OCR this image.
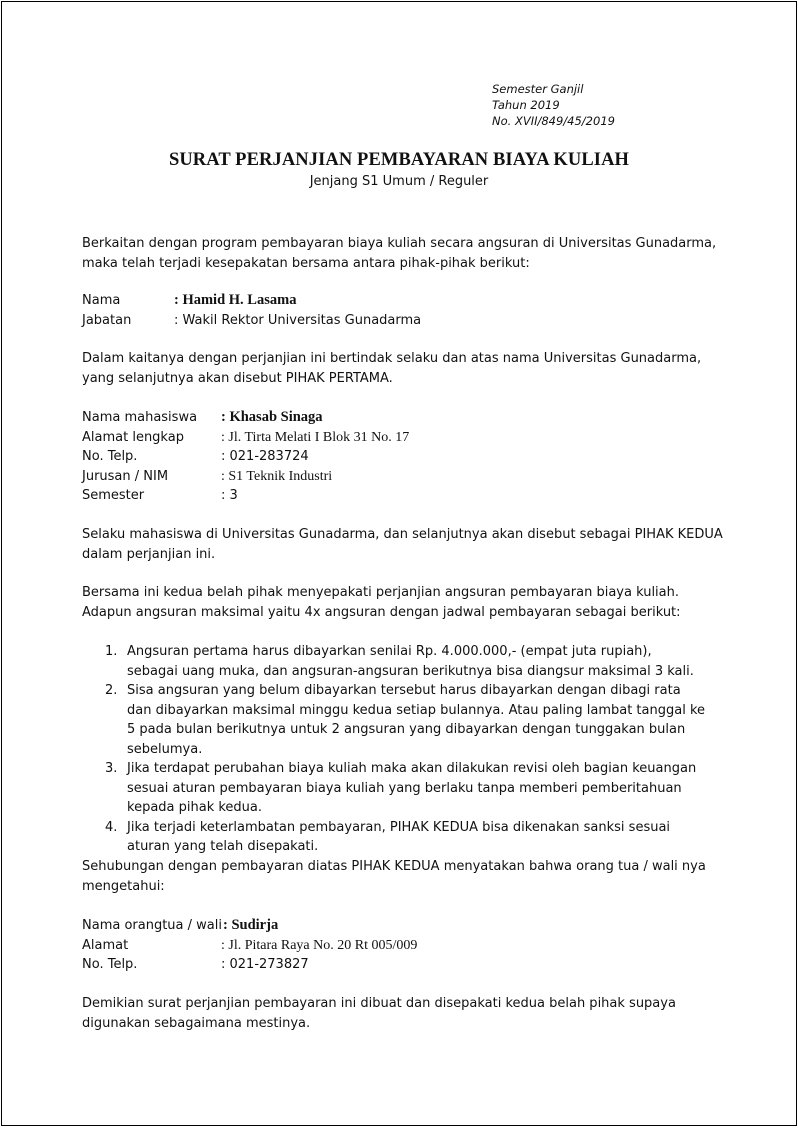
Semester Ganjil
Tahun 2019
No. XVII/849/45/2019
SURAT PERJANJIAN PEMBAYARAN BIAYA KULIAH
Jenjang S1 Umum / Reguler
Berkaitan dengan program pembayaran biaya kuliah secara angsuran di Universitas Gunadarma, maka telah terjadi kesepakatan bersama antara pihak-pihak berikut:
Nama	: Hamid H. Lasama
Jabatan	: Wakil Rektor Universitas Gunadarma
Dalam kaitanya dengan perjanjian ini bertindak selaku dan atas nama Universitas Gunadarma, yang selanjutnya akan disebut PIHAK PERTAMA.
Nama mahasiswa : Khasab Sinaga
Alamat lengkap	: Jl. Tirta Melati I Blok 31 No. 17
No. Telp.	: 021-283724
Jurusan / NIM	: S1 Teknik Industri
Semester	: 3
Selaku mahasiswa di Universitas Gunadarma, dan selanjutnya akan disebut sebagai PIHAK KEDUA dalam perjanjian ini.
Bersama ini kedua belah pihak menyepakati perjanjian angsuran pembayaran biaya kuliah. Adapun angsuran maksimal yaitu 4x angsuran dengan jadwal pembayaran sebagai berikut:
1. Angsuran pertama harus dibayarkan senilai Rp. 4.000.000,- (empat juta rupiah), sebagai uang muka, dan angsuran-angsuran berikutnya bisa diangsur maksimal 3 kali.
2. Sisa angsuran yang belum dibayarkan tersebut harus dibayarkan dengan dibagi rata dan dibayarkan maksimal minggu kedua setiap bulannya. Atau paling lambat tanggal ke 5 pada bulan berikutnya untuk 2 angsuran yang dibayarkan dengan tunggakan bulan sebelumya.
3. Jika terdapat perubahan biaya kuliah maka akan dilakukan revisi oleh bagian keuangan sesuai aturan pembayaran biaya kuliah yang berlaku tanpa memberi pemberitahuan kepada pihak kedua.
4. Jika terjadi keterlambatan pembayaran, PIHAK KEDUA bisa dikenakan sanksi sesuai aturan yang telah disepakati.
Sehubungan dengan pembayaran diatas PIHAK KEDUA menyatakan bahwa orang tua / wali nya mengetahui:
Nama orangtua / wali : Sudirja
Alamat	: Jl. Pitara Raya No. 20 Rt 005/009
No. Telp.	: 021-273827
Demikian surat perjanjian pembayaran ini dibuat dan disepakati kedua belah pihak supaya digunakan sebagaimana mestinya.
